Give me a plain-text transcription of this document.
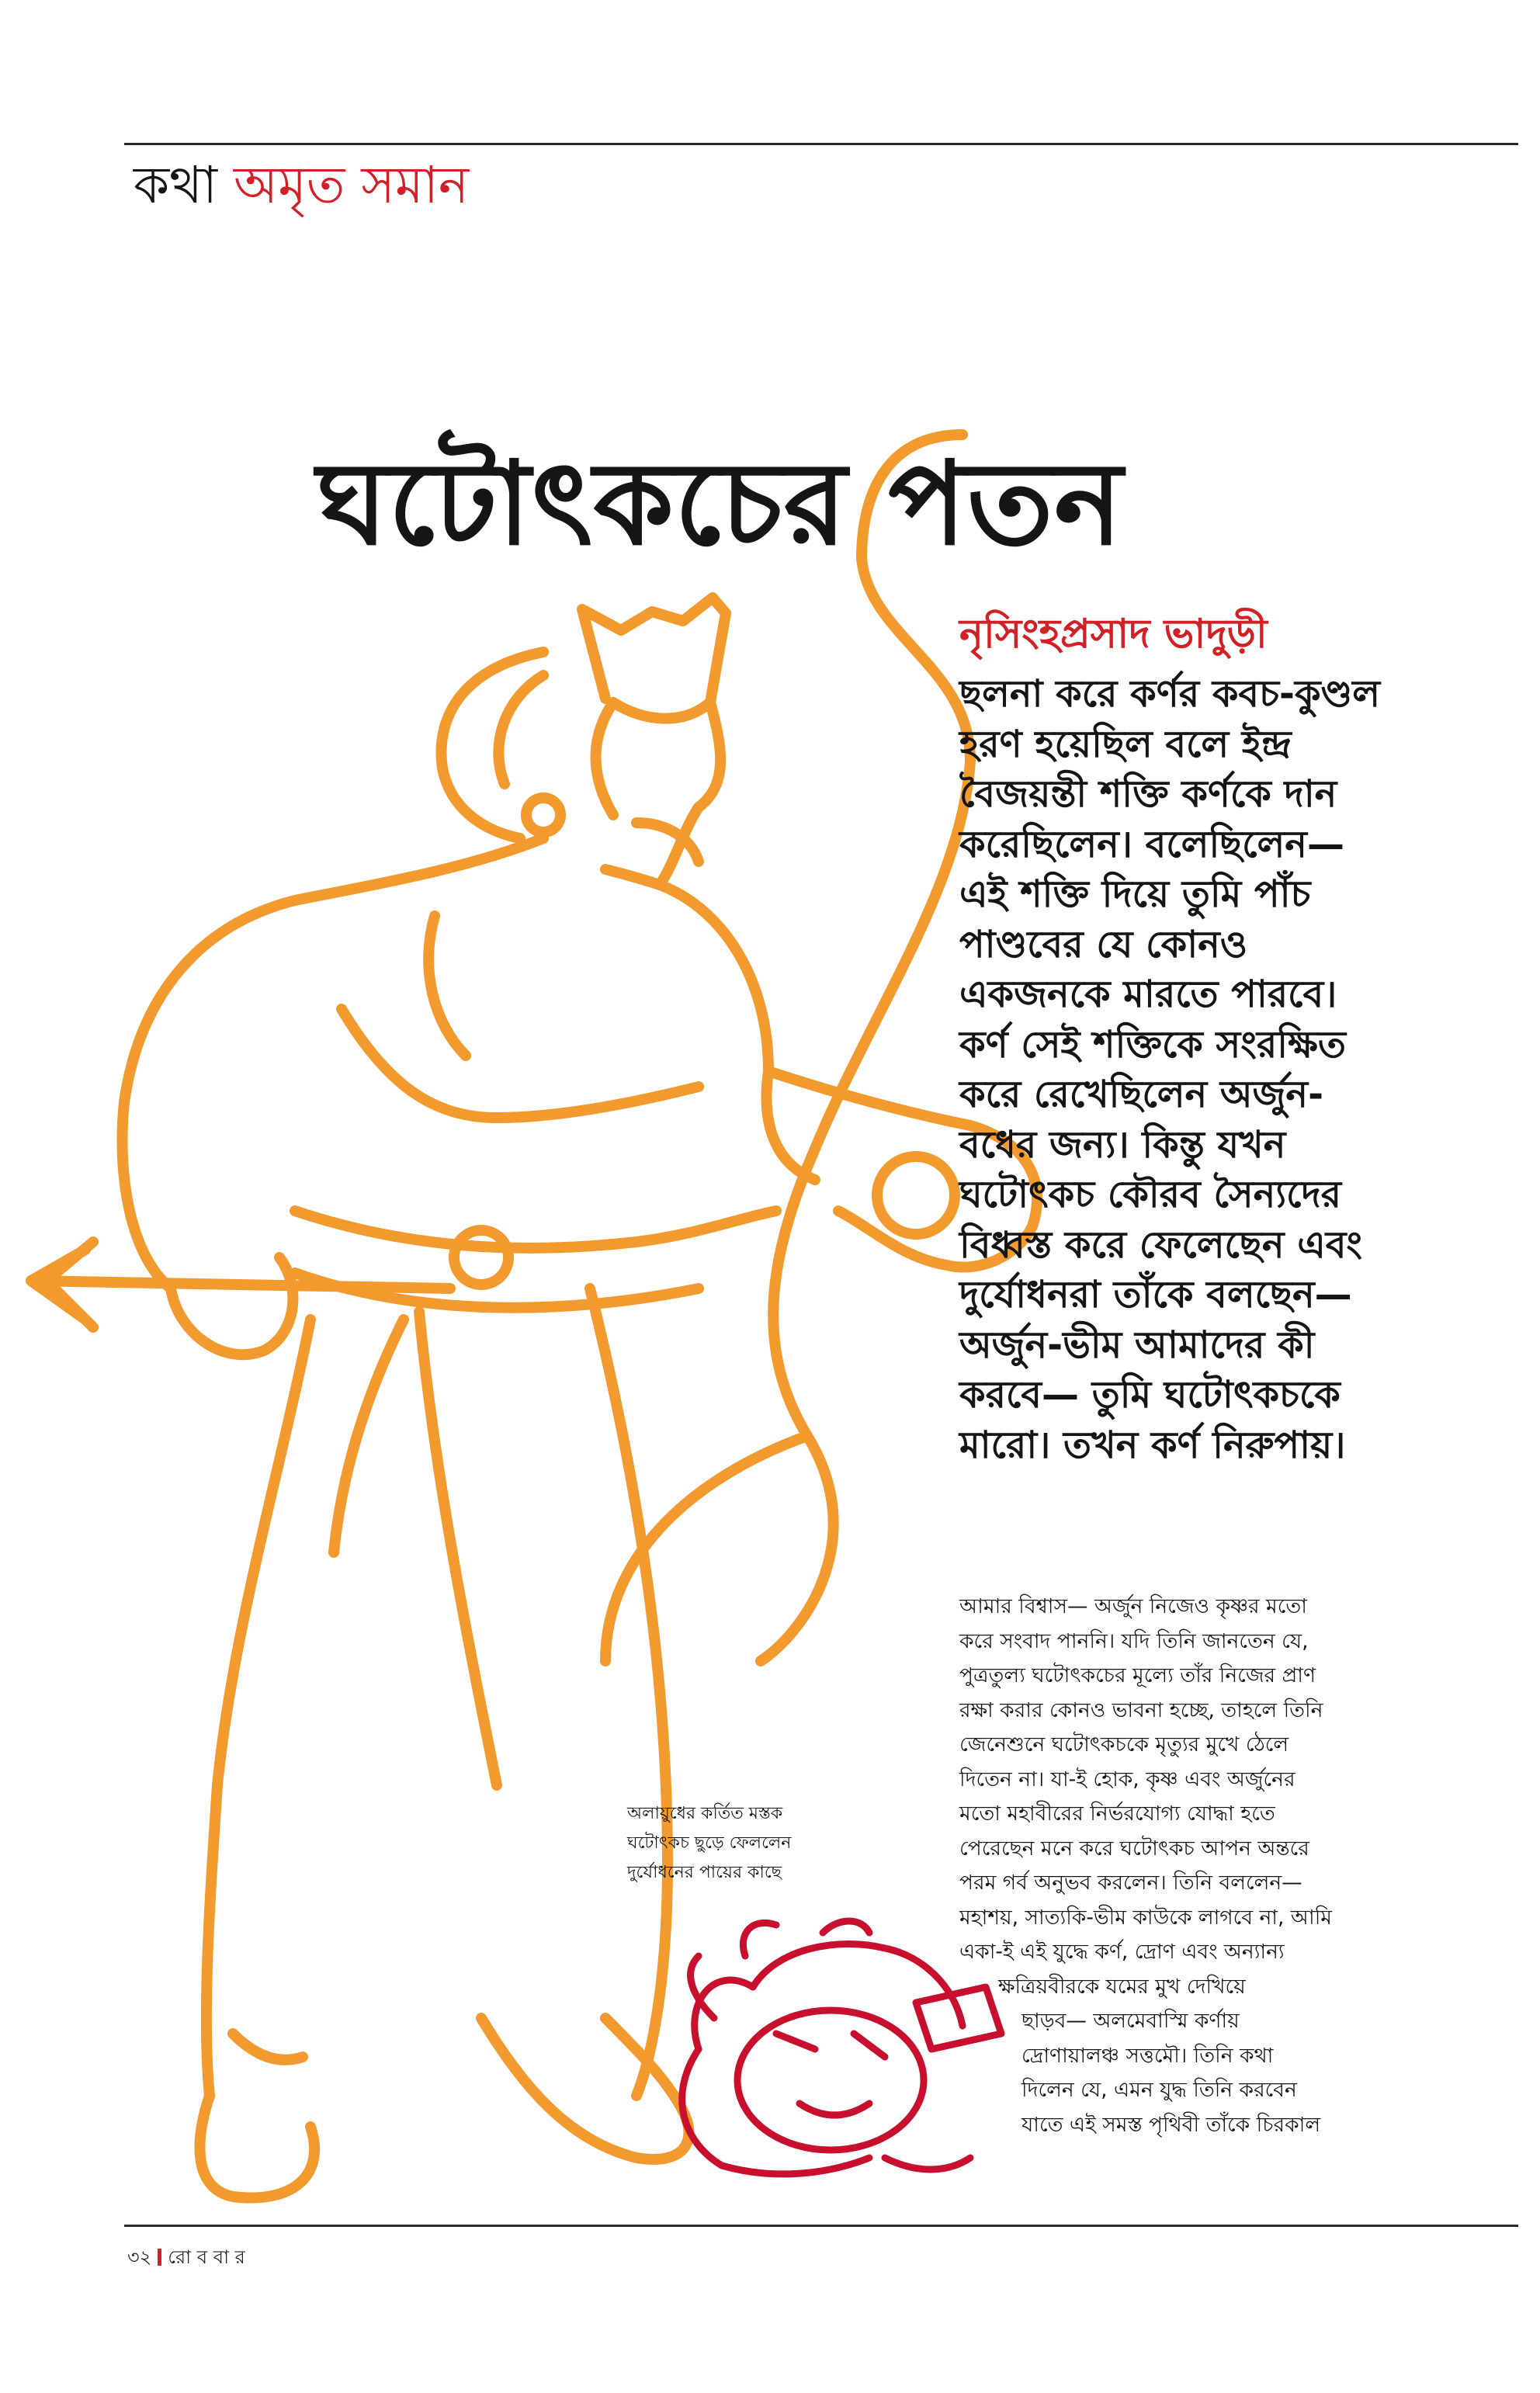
কথা অমৃত সমান
ঘটোৎকচের পতন
নৃসিংহপ্রসাদ ভাদুড়ী
ছলনা করে কর্ণর কবচ-কুণ্ডল
হরণ হয়েছিল বলে ইন্দ্র
বৈজয়ন্তী শক্তি কর্ণকে দান
করেছিলেন। বলেছিলেন—
এই শক্তি দিয়ে তুমি পাঁচ
পাণ্ডবের যে কোনও
একজনকে মারতে পারবে।
কর্ণ সেই শক্তিকে সংরক্ষিত
করে রেখেছিলেন অর্জুন-
বধের জন্য। কিন্তু যখন
ঘটোৎকচ কৌরব সৈন্যদের
বিধ্বস্ত করে ফেলেছেন এবং
দুর্যোধনরা তাঁকে বলছেন—
অর্জুন-ভীম আমাদের কী
করবে— তুমি ঘটোৎকচকে
মারো। তখন কর্ণ নিরুপায়।
অলায়ুধের কর্তিত মস্তক
ঘটোৎকচ ছুড়ে ফেললেন
দুর্যোধনের পায়ের কাছে
আমার বিশ্বাস— অর্জুন নিজেও কৃষ্ণর মতো
করে সংবাদ পাননি। যদি তিনি জানতেন যে,
পুত্রতুল্য ঘটোৎকচের মূল্যে তাঁর নিজের প্রাণ
রক্ষা করার কোনও ভাবনা হচ্ছে, তাহলে তিনি
জেনেশুনে ঘটোৎকচকে মৃত্যুর মুখে ঠেলে
দিতেন না। যা-ই হোক, কৃষ্ণ এবং অর্জুনের
মতো মহাবীরের নির্ভরযোগ্য যোদ্ধা হতে
পেরেছেন মনে করে ঘটোৎকচ আপন অন্তরে
পরম গর্ব অনুভব করলেন। তিনি বললেন—
মহাশয়, সাত্যকি-ভীম কাউকে লাগবে না, আমি
একা-ই এই যুদ্ধে কর্ণ, দ্রোণ এবং অন্যান্য
ক্ষত্রিয়বীরকে যমের মুখ দেখিয়ে
ছাড়ব— অলমেবাস্মি কর্ণায়
দ্রোণায়ালঞ্চ সত্তমৌ। তিনি কথা
দিলেন যে, এমন যুদ্ধ তিনি করবেন
যাতে এই সমস্ত পৃথিবী তাঁকে চিরকাল
৩২ রো ব বা র
